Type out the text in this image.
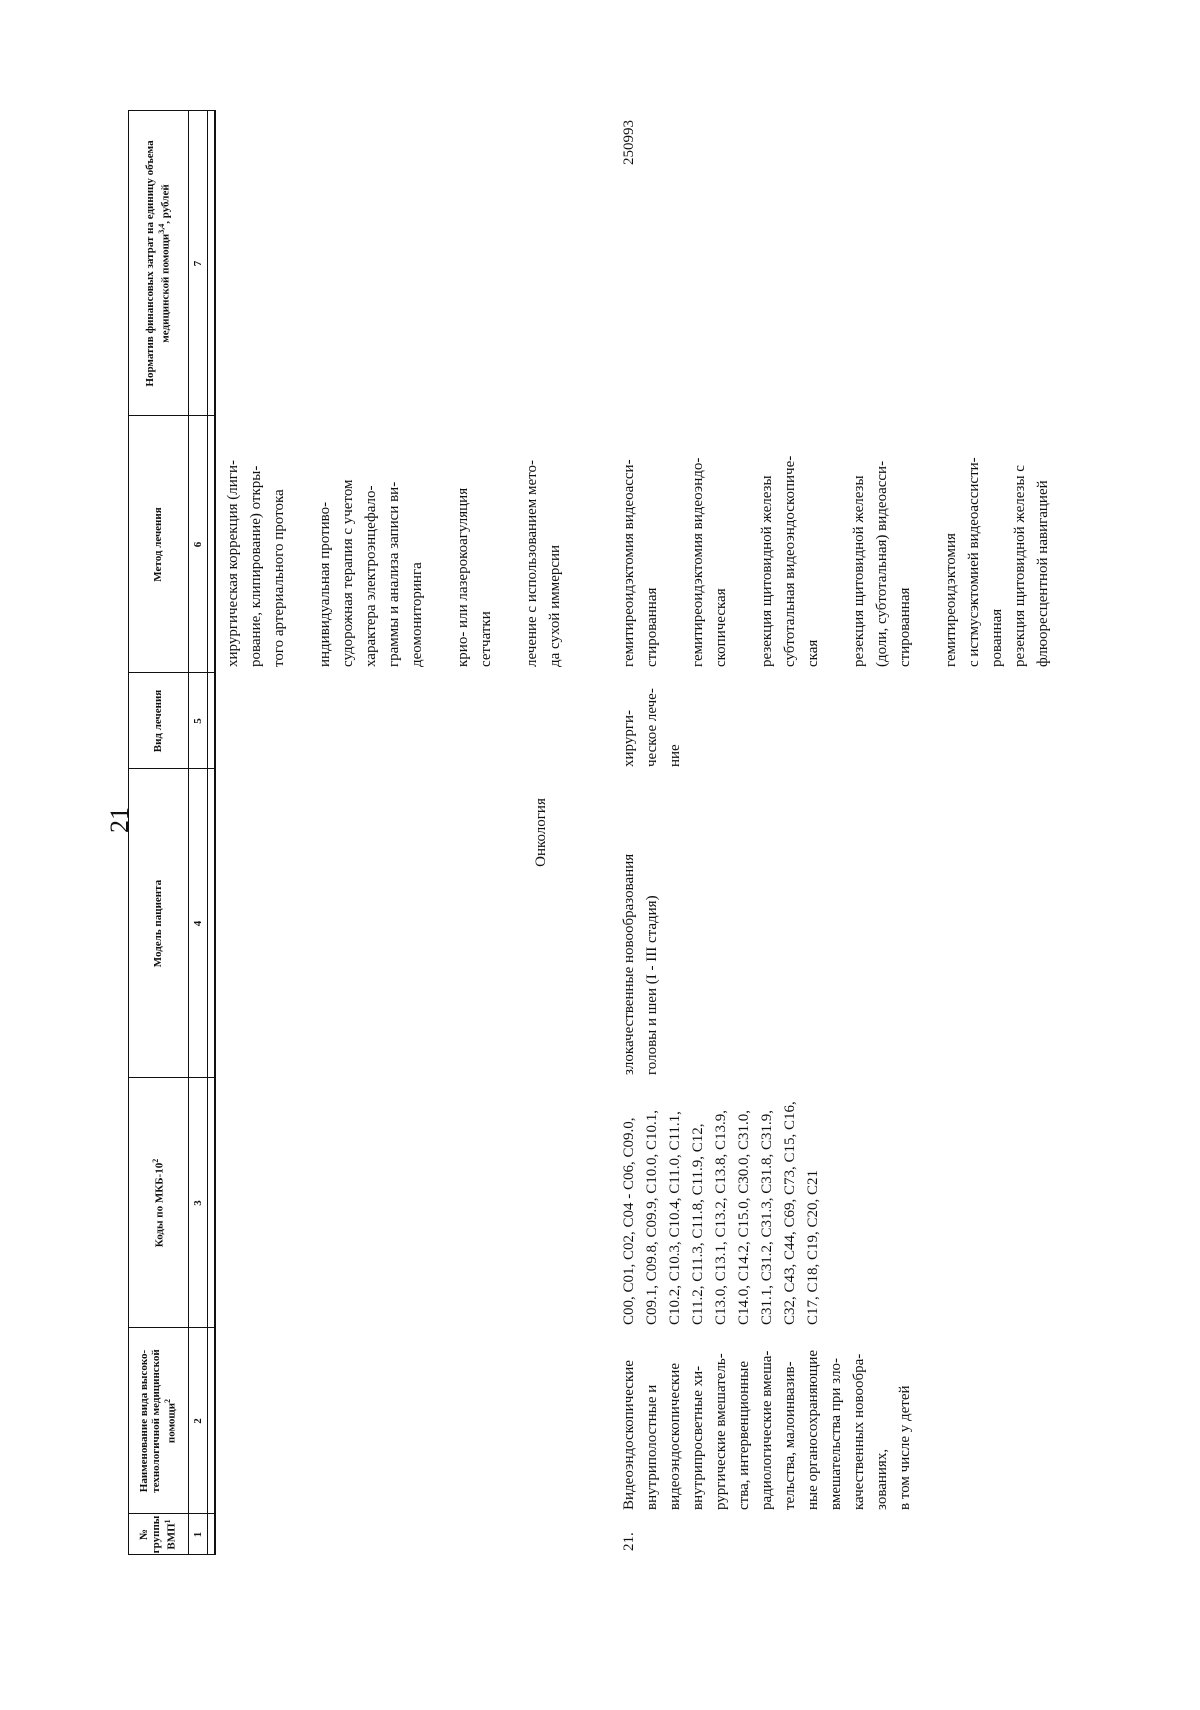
21
№ группы ВМП$^1$
Наименование вида высоко-технологичной медицинской помощи$^2$
Коды по МКБ-$10^2$
Модель пациента
Вид лечения
Метод лечения
Норматив финансовых затрат на единицу объема медицинской помощи$^{3,4}$, рублей
1
2
3
4
5
6
7

хирургическая коррекция (лиги- рование, клипирование) откры- того артериального протока индивидуальная противо- судорожная терапия с учетом характера электроэнцефало- граммы и анализа записи ви- деомониторинга крио- или лазерокоагуляция сетчатки лечение с использованием мето- да сухой иммерсии

Онкология
21.

Видеоэндоскопические внутриполостные и видеоэндоскопические внутрипросветные хи- рургические вмешатель- ства, интервенционные радиологические вмеша- тельства, малоинвазив- ные органосохраняющие вмешательства при зло- качественных новообра- зованиях, в том числе у детей

C00, C01, C02, C04 - C06, C09.0, C09.1, C09.8, C09.9, C10.0, C10.1, C10.2, C10.3, C10.4, C11.0, C11.1, C11.2, C11.3, C11.8, C11.9, C12, C13.0, C13.1, C13.2, C13.8, C13.9, C14.0, C14.2, C15.0, C30.0, C31.0, C31.1, C31.2, C31.3, C31.8, C31.9, C32, C43, C44, C69, C73, C15, C16, C17, C18, C19, C20, C21

злокачественные новообразования головы и шеи (I - III стадия)

хирурги- ческое лече- ние

гемитиреоидэктомия видеоасси- стированная гемитиреоидэктомия видеоэндо- скопическая резекция щитовидной железы субтотальная видеоэндоскопиче- ская резекция щитовидной железы (доли, субтотальная) видеоасси- стированная гемитиреоидэктомия с истмусэктомией видеоассисти- рованная резекция щитовидной железы с флюоресцентной навигацией

250993
